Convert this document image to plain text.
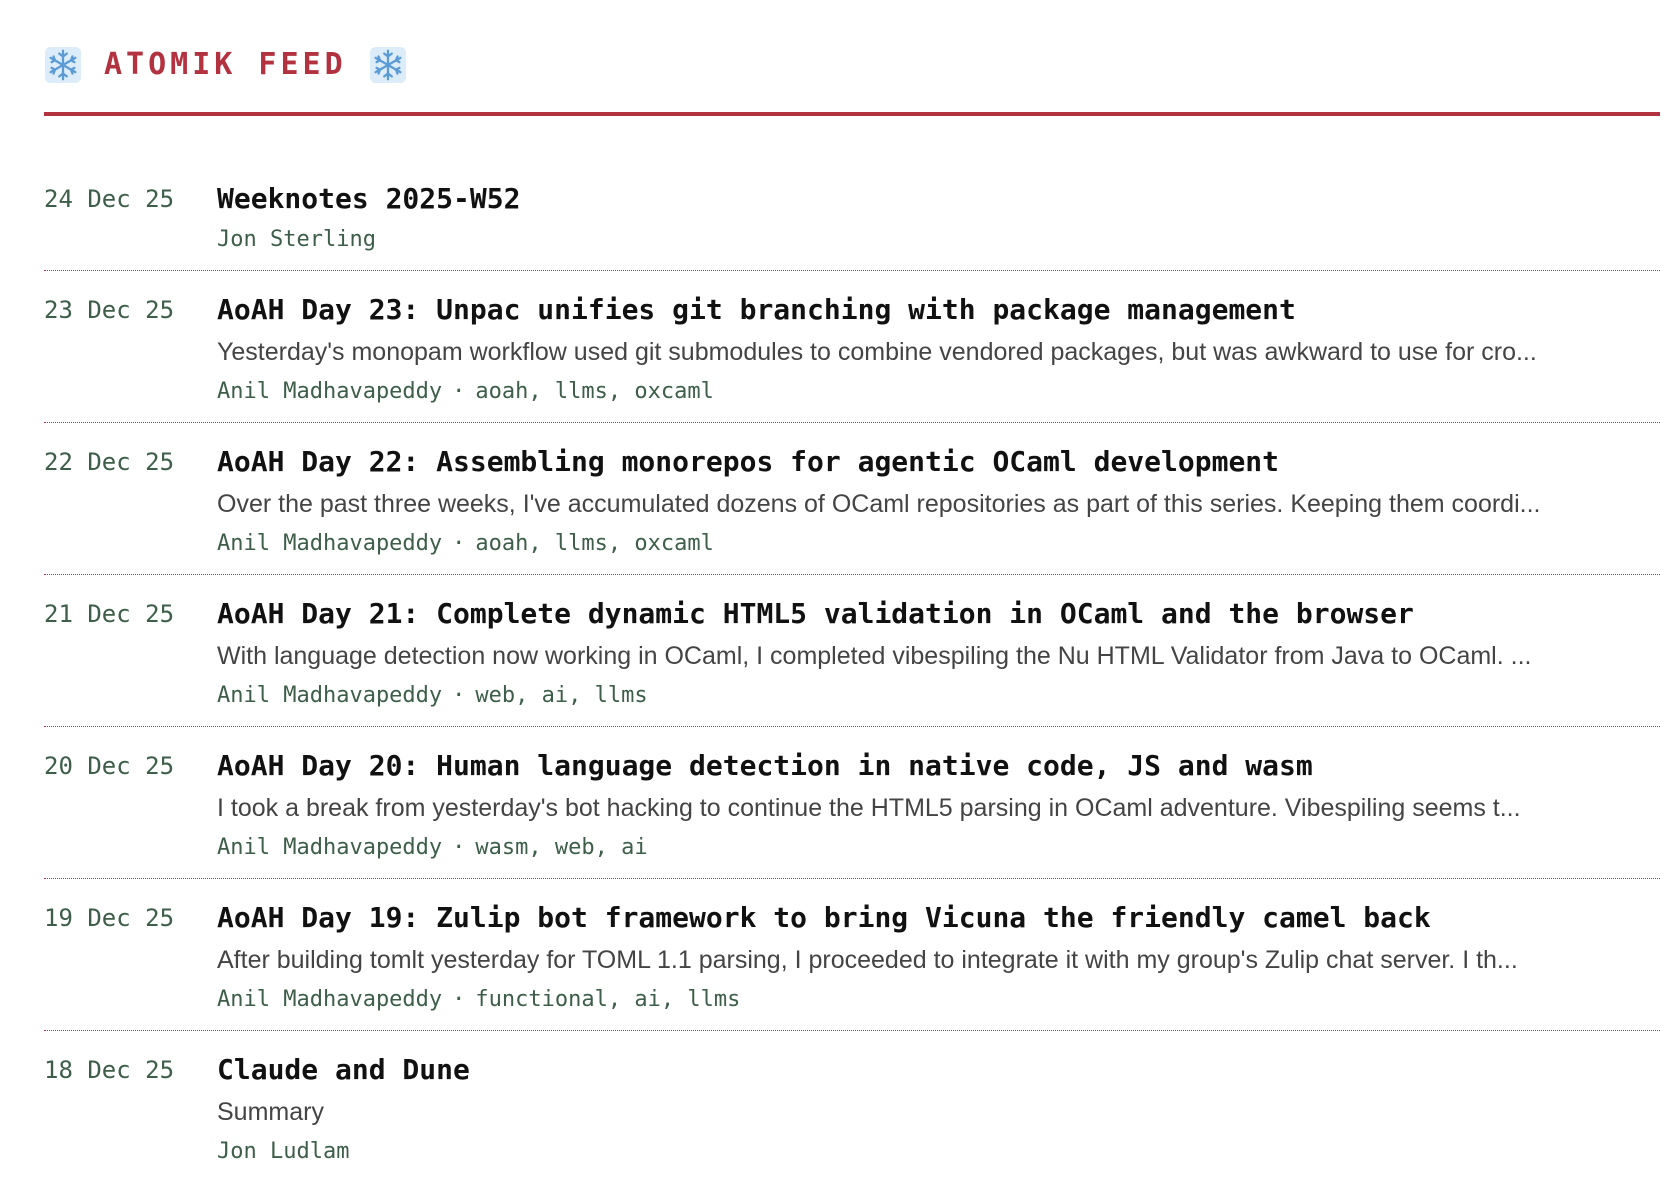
ATOMIK FEED
24 Dec 25 Weeknotes 2025-W52
Jon Sterling
23 Dec 25 AoAH Day 23: Unpac unifies git branching with package management
Yesterday's monopam workflow used git submodules to combine vendored packages, but was awkward to use for cro...
Anil Madhavapeddy · aoah, llms, oxcaml
22 Dec 25 AoAH Day 22: Assembling monorepos for agentic OCaml development
Over the past three weeks, I've accumulated dozens of OCaml repositories as part of this series. Keeping them coordi...
Anil Madhavapeddy · aoah, llms, oxcaml
21 Dec 25 AoAH Day 21: Complete dynamic HTML5 validation in OCaml and the browser
With language detection now working in OCaml, I completed vibespiling the Nu HTML Validator from Java to OCaml. ...
Anil Madhavapeddy · web, ai, llms
20 Dec 25 AoAH Day 20: Human language detection in native code, JS and wasm
I took a break from yesterday's bot hacking to continue the HTML5 parsing in OCaml adventure. Vibespiling seems t...
Anil Madhavapeddy · wasm, web, ai
19 Dec 25 AoAH Day 19: Zulip bot framework to bring Vicuna the friendly camel back
After building tomlt yesterday for TOML 1.1 parsing, I proceeded to integrate it with my group's Zulip chat server. I th...
Anil Madhavapeddy · functional, ai, llms
18 Dec 25 Claude and Dune
Summary
Jon Ludlam
